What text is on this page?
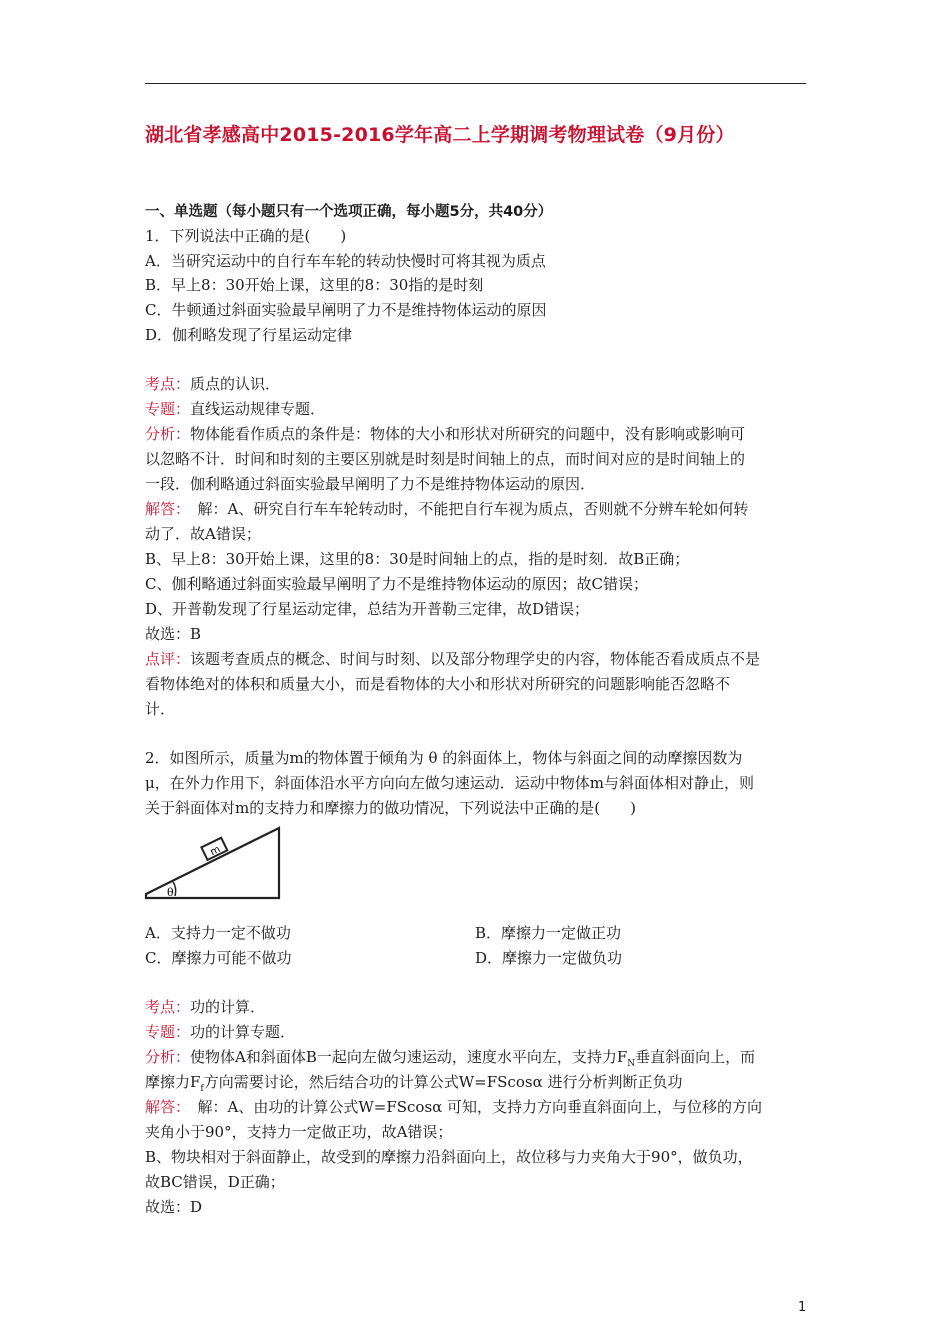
湖北省孝感高中2015-2016学年高二上学期调考物理试卷（9月份）
一、单选题（每小题只有一个选项正确，每小题5分，共40分）
1．下列说法中正确的是(　　)
A．当研究运动中的自行车车轮的转动快慢时可将其视为质点
B．早上8：30开始上课，这里的8：30指的是时刻
C．牛顿通过斜面实验最早阐明了力不是维持物体运动的原因
D．伽利略发现了行星运动定律
考点：质点的认识．
专题：直线运动规律专题．
分析：物体能看作质点的条件是：物体的大小和形状对所研究的问题中，没有影响或影响可
以忽略不计．时间和时刻的主要区别就是时刻是时间轴上的点，而时间对应的是时间轴上的
一段．伽利略通过斜面实验最早阐明了力不是维持物体运动的原因．
解答：　解：A、研究自行车车轮转动时，不能把自行车视为质点，否则就不分辨车轮如何转
动了．故A错误；
B、早上8：30开始上课，这里的8：30是时间轴上的点，指的是时刻．故B正确；
C、伽利略通过斜面实验最早阐明了力不是维持物体运动的原因；故C错误；
D、开普勒发现了行星运动定律，总结为开普勒三定律，故D错误；
故选：B
点评：该题考查质点的概念、时间与时刻、以及部分物理学史的内容，物体能否看成质点不是
看物体绝对的体积和质量大小，而是看物体的大小和形状对所研究的问题影响能否忽略不
计．
2．如图所示，质量为m的物体置于倾角为 θ 的斜面体上，物体与斜面之间的动摩擦因数为
μ，在外力作用下，斜面体沿水平方向向左做匀速运动．运动中物体m与斜面体相对静止，则
关于斜面体对m的支持力和摩擦力的做功情况，下列说法中正确的是(　　)
m
θ
A．支持力一定不做功	B．摩擦力一定做正功
C．摩擦力可能不做功	D．摩擦力一定做负功
考点：功的计算．
专题：功的计算专题．
分析：使物体A和斜面体B一起向左做匀速运动，速度水平向左，支持力$F_N$垂直斜面向上，而
摩擦力$F_f$方向需要讨论，然后结合功的计算公式W=FScosα 进行分析判断正负功
解答：　解：A、由功的计算公式W=FScosα 可知，支持力方向垂直斜面向上，与位移的方向
夹角小于90°，支持力一定做正功，故A错误；
B、物块相对于斜面静止，故受到的摩擦力沿斜面向上，故位移与力夹角大于90°，做负功，
故BC错误，D正确；
故选：D
1
